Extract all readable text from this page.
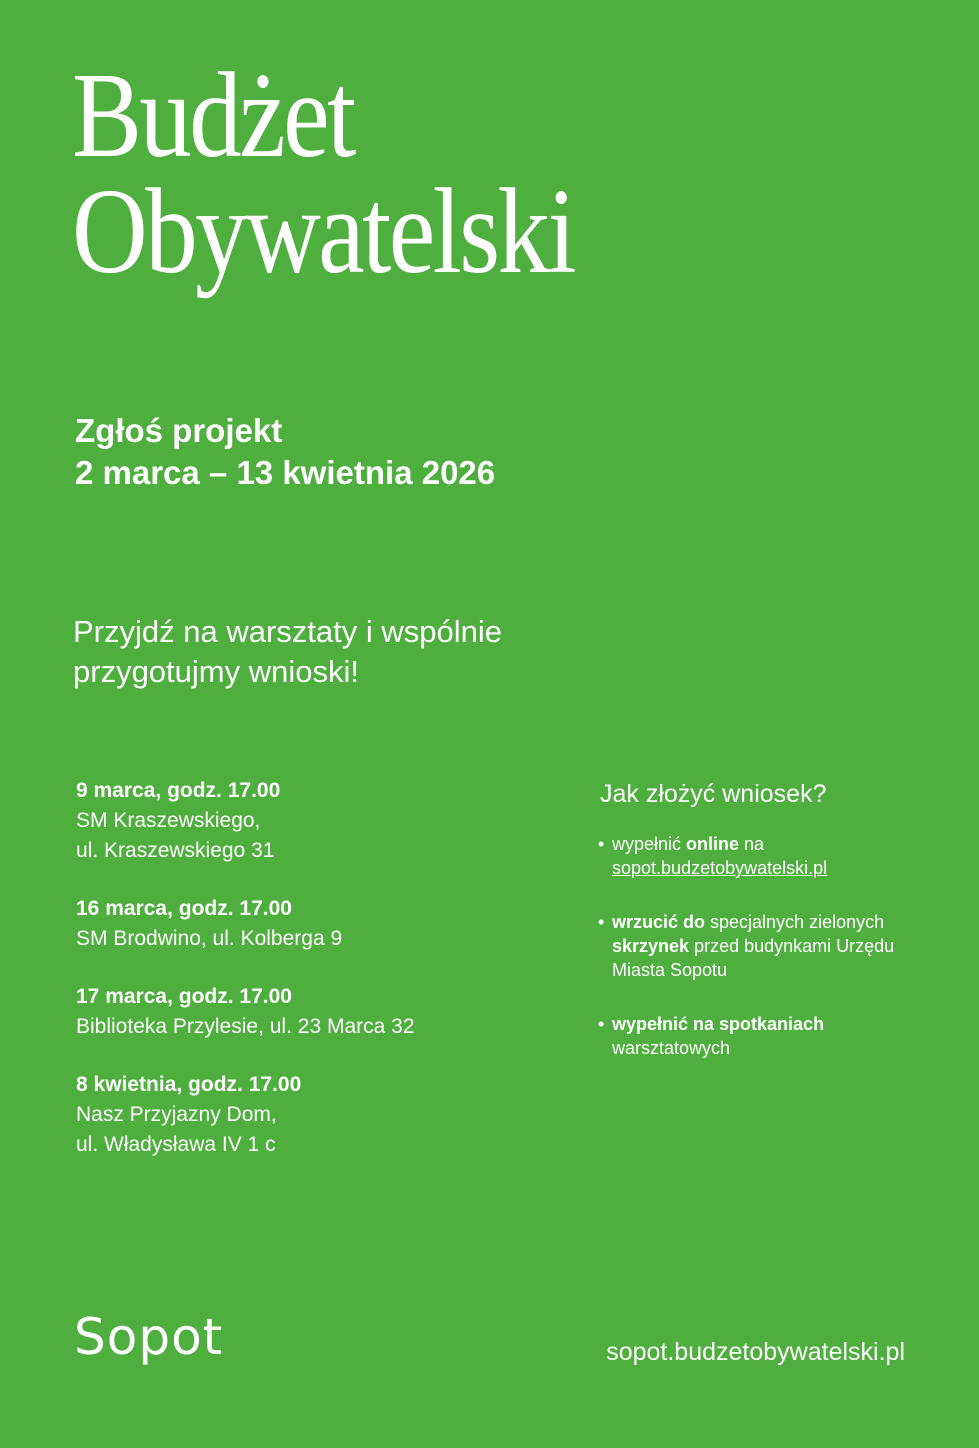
Budżet
Obywatelski
Zgłoś projekt
2 marca – 13 kwietnia 2026
Przyjdź na warsztaty i wspólnie
przygotujmy wnioski!
9 marca, godz. 17.00
SM Kraszewskiego,
ul. Kraszewskiego 31
16 marca, godz. 17.00
SM Brodwino, ul. Kolberga 9
17 marca, godz. 17.00
Biblioteka Przylesie, ul. 23 Marca 32
8 kwietnia, godz. 17.00
Nasz Przyjazny Dom,
ul. Władysława IV 1 c
Jak złożyć wniosek?
• wypełnić online na
sopot.budzetobywatelski.pl
• wrzucić do specjalnych zielonych skrzynek przed budynkami Urzędu Miasta Sopotu
• wypełnić na spotkaniach
warsztatowych
Sopot	sopot.budzetobywatelski.pl
